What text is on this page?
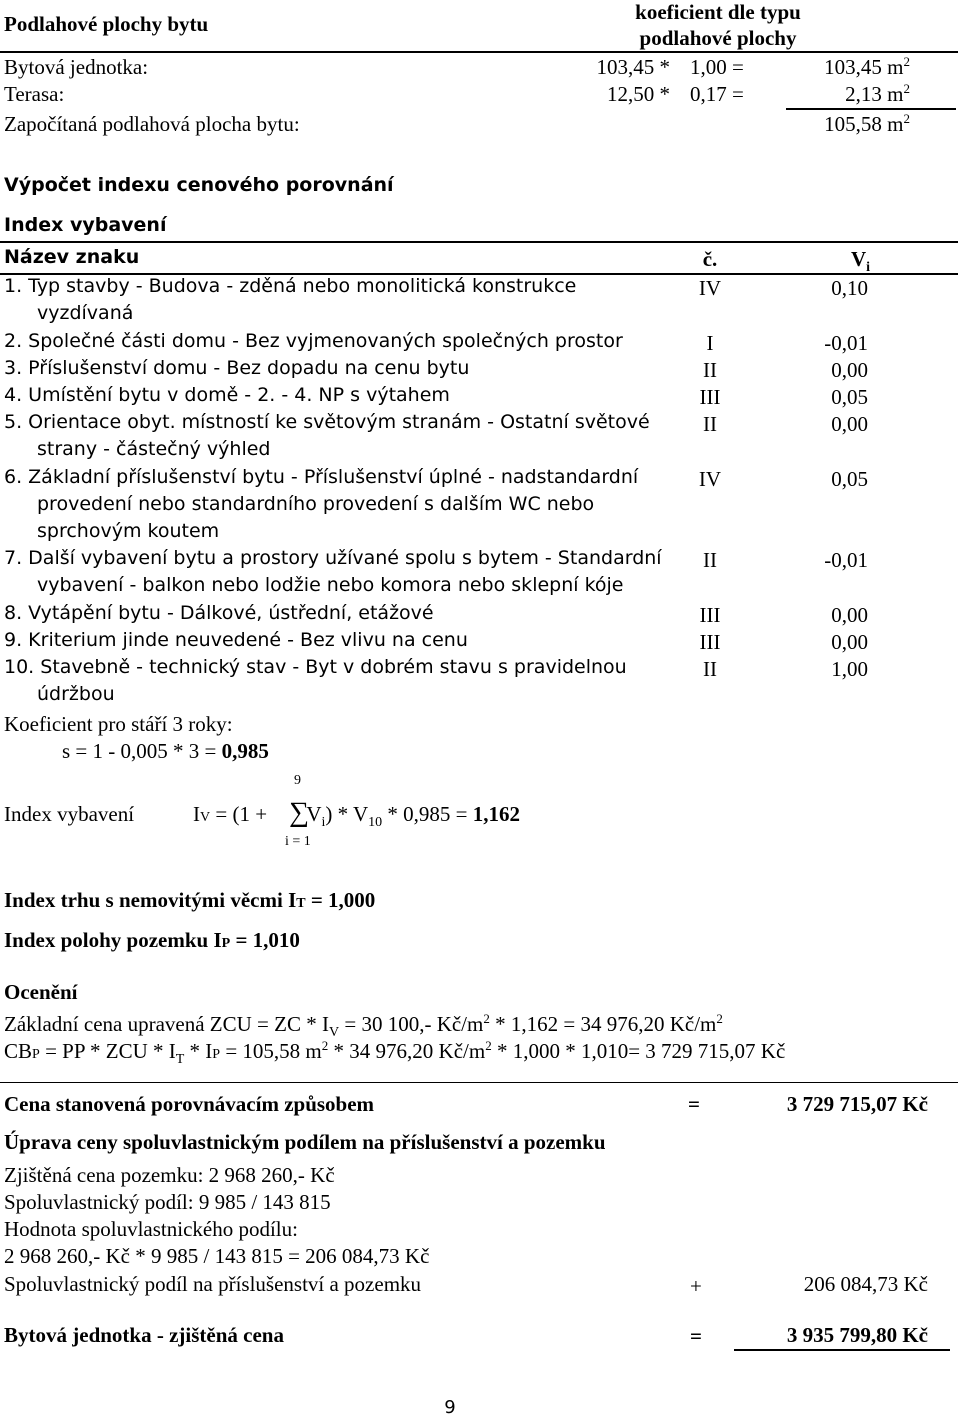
Podlahové plochy bytu	koeficient dle typu
podlahové plochy
Bytová jednotka:	103,45 * 1,00 =	103,45 $m^2$
Terasa:	12,50 * 0,17 =	2,13 $m^2$
Započítaná podlahová plocha bytu:	105,58 $m^2$
Výpočet indexu cenového porovnání
Index vybavení
Název znaku	č.	$V_i$
1. Typ stavby - Budova - zděná nebo monolitická konstrukce
vyzdívaná
IV	0,10
2. Společné části domu - Bez vyjmenovaných společných prostor	I	-0,01
3. Příslušenství domu - Bez dopadu na cenu bytu	II	0,00
4. Umístění bytu v domě - 2. - 4. NP s výtahem	III	0,05
5. Orientace obyt. místností ke světovým stranám - Ostatní světové
strany - částečný výhled
II	0,00
6. Základní příslušenství bytu - Příslušenství úplné - nadstandardní
provedení nebo standardního provedení s dalším WC nebo
sprchovým koutem
IV	0,05
7. Další vybavení bytu a prostory užívané spolu s bytem - Standardní
vybavení - balkon nebo lodžie nebo komora nebo sklepní kóje
II	-0,01
8. Vytápění bytu - Dálkové, ústřední, etážové	III	0,00
9. Kriterium jinde neuvedené - Bez vlivu na cenu	III	0,00
10. Stavebně - technický stav - Byt v dobrém stavu s pravidelnou
údržbou
II	1,00
Koeficient pro stáří 3 roky:
s = 1 - 0,005 * 3 = 0,985
Index vybavení	IV = $(1 + V_i) * V_{10} * 0,985 = 1,162$
∑
9
i = 1
Index trhu s nemovitými věcmi IT = 1,000
Index polohy pozemku IP = 1,010
Ocenění
Základní cena upravená ZCU = ZC * $I_V = 30$ 100,- $Kč/m^2 * 1,162 = 34$ 976,20 $Kč/m^2$
CBP = PP * ZCU * $I_T$ * IP = 105,58 $m^2 * 34$ 976,20 $Kč/m^2 * 1,000 * 1,010= 3$ 729 715,07 Kč
Cena stanovená porovnávacím způsobem	=	3 729 715,07 Kč
Úprava ceny spoluvlastnickým podílem na příslušenství a pozemku
Zjištěná cena pozemku: 2 968 260,- Kč
Spoluvlastnický podíl: 9 985 / 143 815
Hodnota spoluvlastnického podílu:
2 968 260,- Kč * 9 985 / 143 815 = 206 084,73 Kč
Spoluvlastnický podíl na příslušenství a pozemku	+	206 084,73 Kč
Bytová jednotka - zjištěná cena	=	3 935 799,80 Kč
9
